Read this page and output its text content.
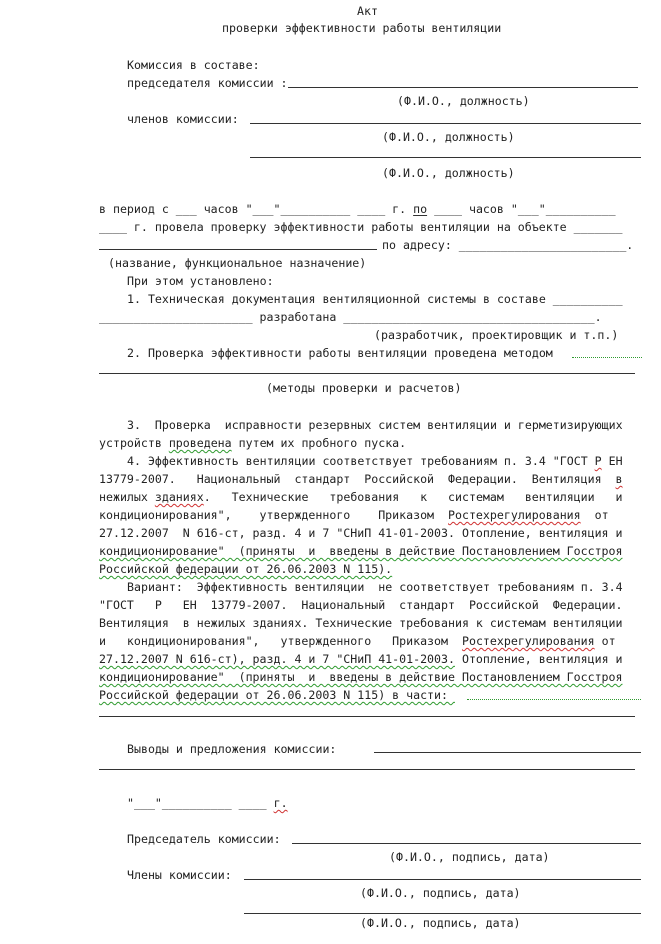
Акт
проверки эффективности работы вентиляции
Комиссия в составе:
председателя комиссии :
(Ф.И.О., должность)
членов комиссии:
(Ф.И.О., должность)
(Ф.И.О., должность)
в период с ___ часов "___"__________ ____ г. по ____ часов "___"__________
____ г. провела проверку эффективности работы вентиляции на объекте _______
по адресу: ________________________.
(название, функциональное назначение)
При этом установлено:
1. Техническая документация вентиляционной системы в составе __________
______________________ разработана ____________________________________.
(разработчик, проектировщик и т.п.)
2. Проверка эффективности работы вентиляции проведена методом
(методы проверки и расчетов)
3.  Проверка  исправности резервных систем вентиляции и герметизирующих
устройств проведена путем их пробного пуска.
4. Эффективность вентиляции соответствует требованиям п. 3.4 "ГОСТ Р ЕН
13779-2007.   Национальный  стандарт  Российской  Федерации.  Вентиляция в
нежилых зданиях.   Технические   требования   к   системам   вентиляции   и
кондиционирования",    утвержденного    Приказом Ростехрегулирования от
27.12.2007  N 616-ст, разд. 4 и 7 "СНиП 41-01-2003. Отопление, вентиляция и
кондиционирование"  (приняты  и  введены в действие Постановлением Госстроя
Российской федерации от 26.06.2003 N 115).
Вариант:  Эффективность вентиляции  не соответствует требованиям п. 3.4
"ГОСТ   Р   ЕН  13779-2007.  Национальный  стандарт  Российской  Федерации.
Вентиляция  в нежилых зданиях. Технические требования к системам вентиляции
и   кондиционирования",   утвержденного   Приказом Ростехрегулирования от
27.12.2007 N 616-ст), разд. 4 и 7 "СНиП 41-01-2003. Отопление, вентиляция и
кондиционирование"  (приняты  и  введены в действие Постановлением Госстроя
Российской федерации от 26.06.2003 N 115) в части:
Выводы и предложения комиссии:
"___"__________ ____ г.
Председатель комиссии:
(Ф.И.О., подпись, дата)
Члены комиссии:
(Ф.И.О., подпись, дата)
(Ф.И.О., подпись, дата)
